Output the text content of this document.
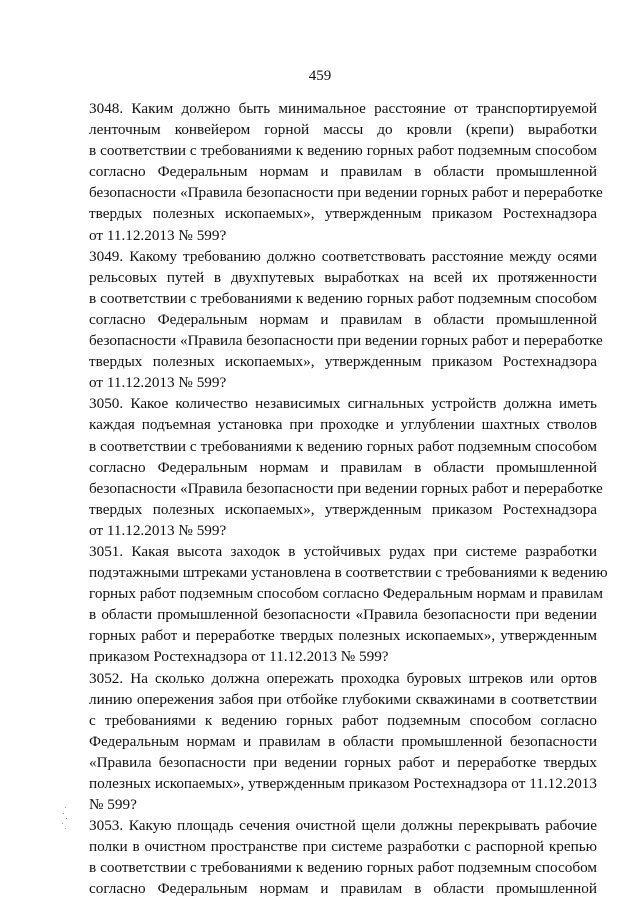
459
3048. Каким должно быть минимальное расстояние от транспортируемой
ленточным конвейером горной массы до кровли (крепи) выработки
в соответствии с требованиями к ведению горных работ подземным способом
согласно Федеральным нормам и правилам в области промышленной
безопасности «Правила безопасности при ведении горных работ и переработке
твердых полезных ископаемых», утвержденным приказом Ростехнадзора
от 11.12.2013 № 599?
3049. Какому требованию должно соответствовать расстояние между осями
рельсовых путей в двухпутевых выработках на всей их протяженности
в соответствии с требованиями к ведению горных работ подземным способом
согласно Федеральным нормам и правилам в области промышленной
безопасности «Правила безопасности при ведении горных работ и переработке
твердых полезных ископаемых», утвержденным приказом Ростехнадзора
от 11.12.2013 № 599?
3050. Какое количество независимых сигнальных устройств должна иметь
каждая подъемная установка при проходке и углублении шахтных стволов
в соответствии с требованиями к ведению горных работ подземным способом
согласно Федеральным нормам и правилам в области промышленной
безопасности «Правила безопасности при ведении горных работ и переработке
твердых полезных ископаемых», утвержденным приказом Ростехнадзора
от 11.12.2013 № 599?
3051. Какая высота заходок в устойчивых рудах при системе разработки
подэтажными штреками установлена в соответствии с требованиями к ведению
горных работ подземным способом согласно Федеральным нормам и правилам
в области промышленной безопасности «Правила безопасности при ведении
горных работ и переработке твердых полезных ископаемых», утвержденным
приказом Ростехнадзора от 11.12.2013 № 599?
3052. На сколько должна опережать проходка буровых штреков или ортов
линию опережения забоя при отбойке глубокими скважинами в соответствии
с требованиями к ведению горных работ подземным способом согласно
Федеральным нормам и правилам в области промышленной безопасности
«Правила безопасности при ведении горных работ и переработке твердых
полезных ископаемых», утвержденным приказом Ростехнадзора от 11.12.2013
№ 599?
3053. Какую площадь сечения очистной щели должны перекрывать рабочие
полки в очистном пространстве при системе разработки с распорной крепью
в соответствии с требованиями к ведению горных работ подземным способом
согласно Федеральным нормам и правилам в области промышленной
